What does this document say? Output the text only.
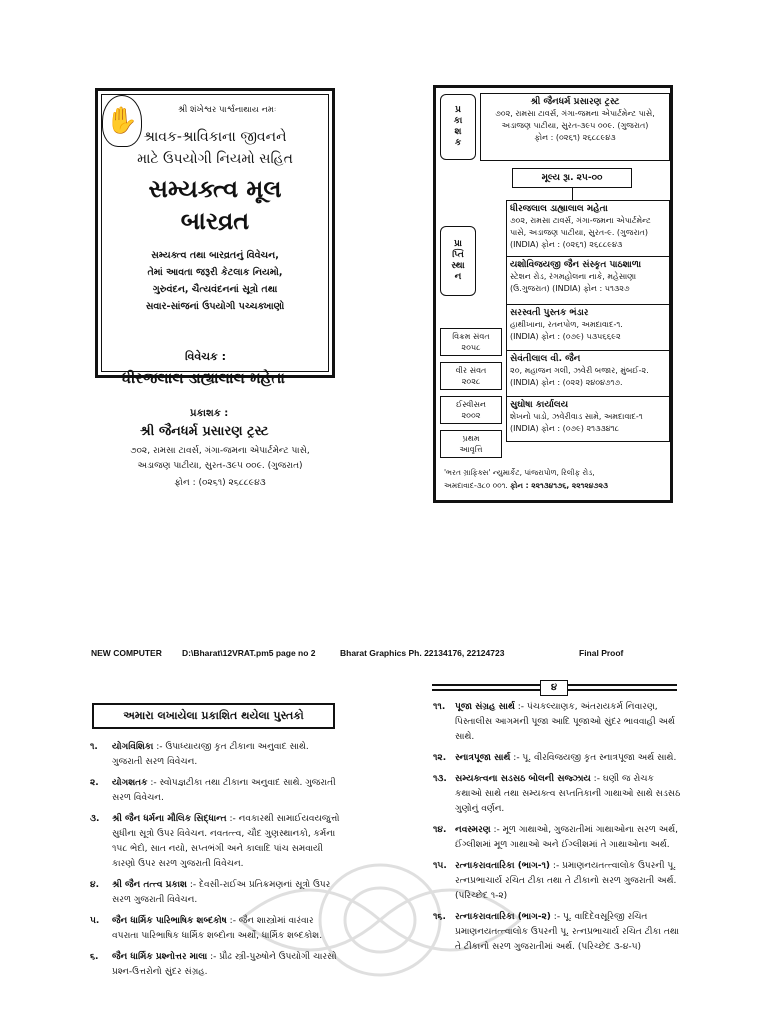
✋	શ્રી શંખેશ્વર પાર્શ્વનાથાય નમઃ
શ્રાવક-શ્રાવિકાના જીવનને
માટે ઉપયોગી નિયમો સહિત
સમ્યક્ત્વ મૂલ
બારવ્રત
સમ્યક્ત્વ તથા બારવ્રતનું વિવેચન,
તેમાં આવતા જરૂરી કેટલાક નિયમો,
ગુરુવંદન, ચૈત્યવંદનનાં સૂત્રો તથા
સવાર-સાંજનાં ઉપયોગી પચ્ચક્ખાણો
વિવેચક :
ધીરજલાલ ડાહ્યાલાલ મહેતા
પ્રકાશક :
શ્રી જૈનધર્મ પ્રસારણ ટ્રસ્ટ
૭૦૨, રામસા ટાવર્સ, ગંગા-જમના એપાર્ટમેન્ટ પાસે,
અડાજણ પાટીયા, સુરત-૩૯૫ ૦૦૯. (ગુજરાત)
ફોન : (૦૨૬૧) ૨૬૮૮૯૪૩
પ્ર
કા
શ
ક
શ્રી જૈનધર્મ પ્રસારણ ટ્રસ્ટ
૭૦૨, રામસા ટાવર્સ, ગંગા-જમના એપાર્ટમેન્ટ પાસે,
અડાજણ પાટીયા, સુરત-૩૯૫ ૦૦૯. (ગુજરાત)
ફોન : (૦૨૬૧) ૨૬૮૮૯૪૩
મૂલ્ય રૂા. ૨૫-૦૦
પ્રા
પ્તિ
સ્થા
ન
ધીરજલાલ ડાહ્યાલાલ મહેતા
૭૦૨, રામસા ટાવર્સ, ગંગા-જમના એપાર્ટમેન્ટ
પાસે, અડાજણ પાટીયા, સુરત-૯. (ગુજરાત)
(INDIA) ફોન : (૦૨૬૧) ૨૬૮૮૯૪૩
યશોવિજયજી જૈન સંસ્કૃત પાઠશાળા
સ્ટેશન રોડ, રંગમહોલના નાકે, મહેસાણા
(ઉ.ગુજરાત) (INDIA) ફોન : ૫૧૩૨૭
સરસ્વતી પુસ્તક ભંડાર
હાથીખાના, રતનપોળ, અમદાવાદ-૧.
(INDIA) ફોન : (૦૭૯) ૫૩૫૬૬૯૨
સેવંતીલાલ વી. જૈન
૨૦, મહાજન ગલી, ઝવેરી બજાર, મુંબઈ-૨.
(INDIA) ફોન : (૦૨૨) ૨૪૦૪૭૧૭.
સુઘોષા કાર્યાલય
શેખનો પાડો, ઝવેરીવાડ સામે, અમદાવાદ-૧
(INDIA) ફોન : (૦૭૯) ૨૧૩૩૪૧૮
વિક્રમ સંવત
૨૦૫૮
વીર સંવત
૨૦૨૮
ઈસ્વીસન
૨૦૦૨
પ્રથમ
આવૃત્તિ
'ભરત ગ્રાફિક્સ' ન્યુમાર્કેટ, પાંજરાપોળ, રિલીફ રોડ,
અમદાવાદ-૩૮૦ ૦૦૧. ફોન : ૨૨૧૩૪૧૭૬, ૨૨૧૨૪૭૨૩
NEW COMPUTER D:\Bharat\12VRAT.pm5 page no 2	Bharat Graphics Ph. 22134176, 22124723	Final Proof
અમારા લખાયેલા પ્રકાશિત થયેલા પુસ્તકો
૧.	યોગવિંશિકા :- ઉપાધ્યાયજી કૃત ટીકાના અનુવાદ સાથે. ગુજરાતી સરળ વિવેચન.
૨.	યોગશતક :- સ્વોપજ્ઞટીકા તથા ટીકાના અનુવાદ સાથે. ગુજરાતી સરળ વિવેચન.
૩.	શ્રી જૈન ધર્મના મૌલિક સિદ્ધાન્ત :- નવકારથી સામાઈયવયજુત્તો સુધીના સૂત્રો ઉપર વિવેચન. નવતત્ત્વ, ચૌદ ગુણસ્થાનકો, કર્મના ૧૫૮ ભેદો, સાત નયો, સપ્તભંગી અને કાલાદિ પાંચ સમવાયી કારણો ઉપર સરળ ગુજરાતી વિવેચન.
૪.	શ્રી જૈન તત્ત્વ પ્રકાશ :- દેવસી-રાઈઅ પ્રતિક્રમણનાં સૂત્રો ઉપર સરળ ગુજરાતી વિવેચન.
૫.	જૈન ધાર્મિક પારિભાષિક શબ્દકોષ :- જૈન શાસ્ત્રોમાં વારંવાર વપરાતા પારિભાષિક ધાર્મિક શબ્દોના અર્થો, ધાર્મિક શબ્દકોશ.
૬.	જૈન ધાર્મિક પ્રશ્નોત્તર માલા :- પ્રૌઢ સ્ત્રી-પુરુષોને ઉપયોગી ચારસો પ્રશ્ન-ઉત્તરોનો સુંદર સંગ્રહ.
૪
૧૧.	પૂજા સંગ્રહ સાર્થ :- પંચકલ્યાણક, અંતરાયકર્મ નિવારણ, પિસ્તાલીસ આગમની પૂજા આદિ પૂજાઓ સુંદર ભાવવાહી અર્થ સાથે.
૧૨. સ્નાત્રપૂજા સાર્થ :- પૂ. વીરવિજયજી કૃત સ્નાત્રપૂજા અર્થ સાથે.
૧૩. સમ્યક્ત્વના સડસઠ બોલની સજ્ઝાય :- ઘણી જ રોચક કથાઓ સાથે તથા સમ્યક્ત્વ સપ્તતિકાની ગાથાઓ સાથે સડસઠ ગુણોનું વર્ણન.
૧૪. નવસ્મરણ :- મૂળ ગાથાઓ, ગુજરાતીમાં ગાથાઓના સરળ અર્થ, ઈંગ્લીશમાં મૂળ ગાથાઓ અને ઈંગ્લીશમાં તે ગાથાઓના અર્થ.
૧૫. રત્નાકરાવતારિકા (ભાગ-૧) :- પ્રમાણનયતત્ત્વાલોક ઉપરની પૂ. રત્નપ્રભાચાર્ય રચિત ટીકા તથા તે ટીકાનો સરળ ગુજરાતી અર્થ. (પરિચ્છેદ ૧-૨)
૧૬.	રત્નાકરાવતારિકા (ભાગ-૨) :- પૂ. વાદિદેવસૂરિજી રચિત પ્રમાણનયતત્ત્વાલોક ઉપરની પૂ. રત્નપ્રભાચાર્ય રચિત ટીકા તથા તે ટીકાનો સરળ ગુજરાતીમાં અર્થ. (પરિચ્છેદ ૩-૪-૫)
